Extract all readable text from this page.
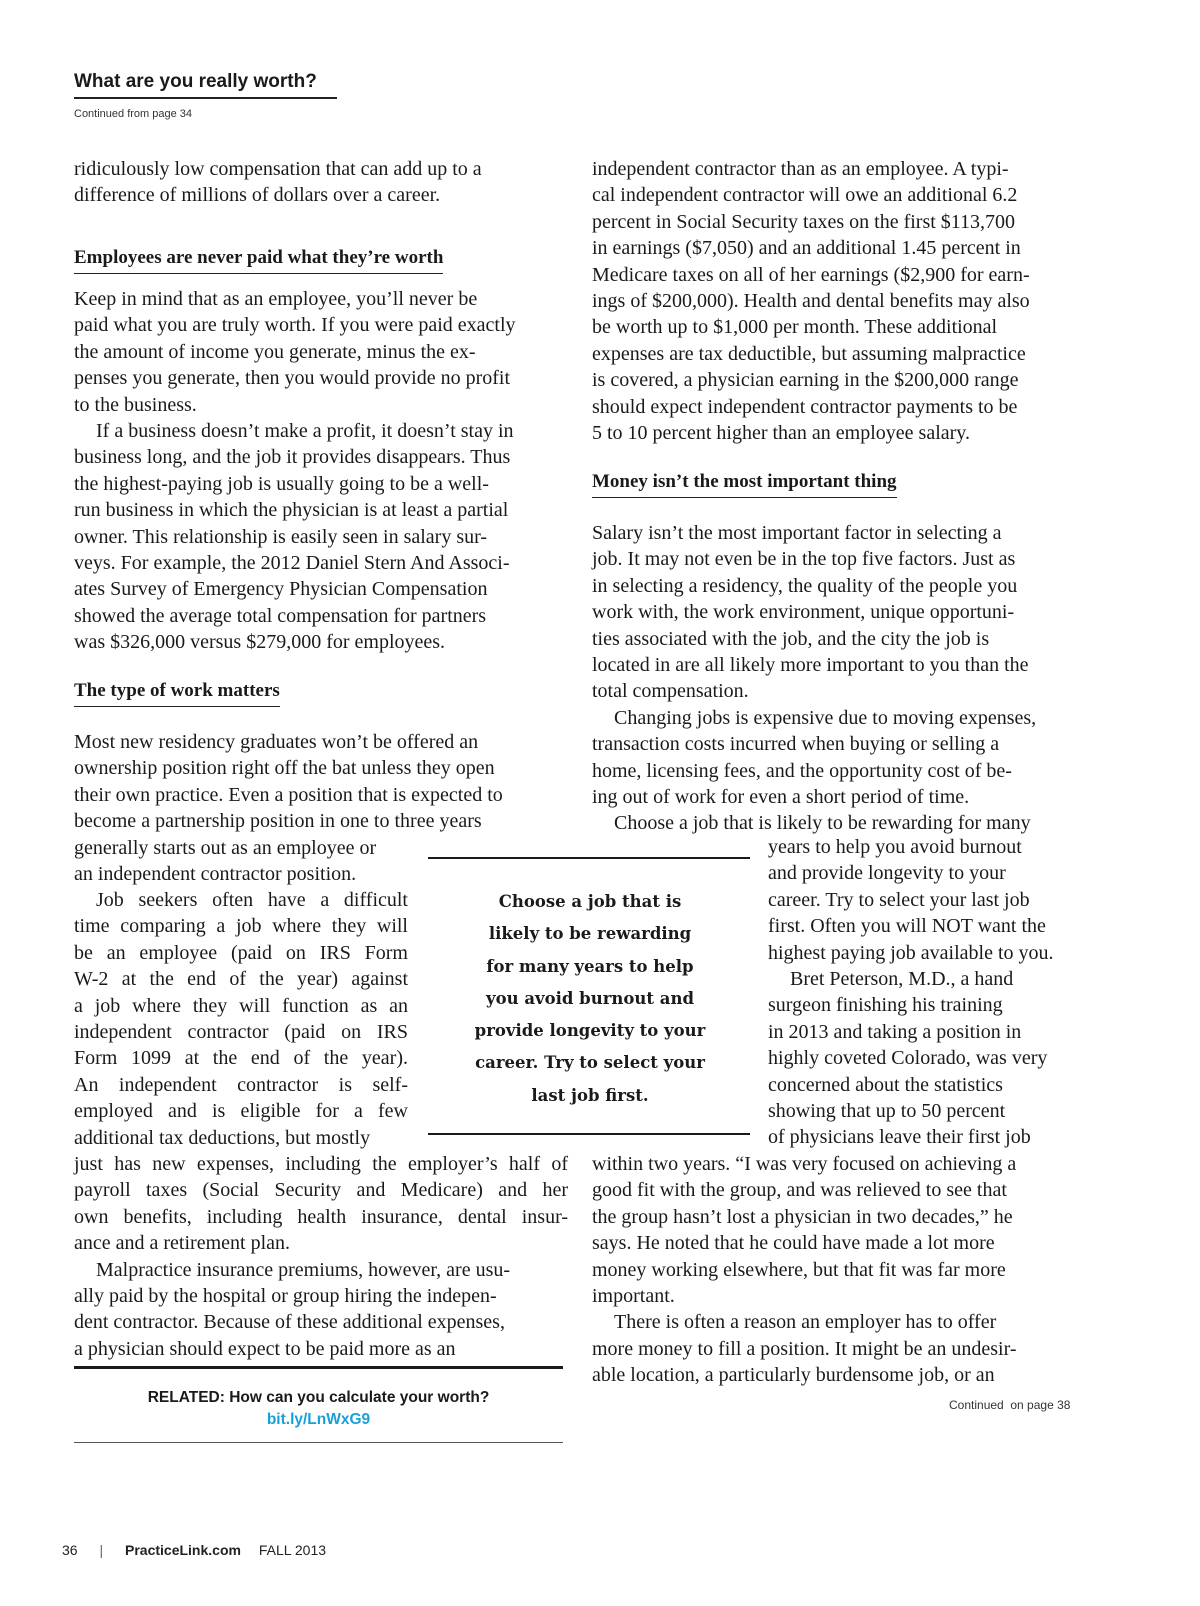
What are you really worth?
Continued from page 34
ridiculously low compensation that can add up to a
difference of millions of dollars over a career.
Employees are never paid what they’re worth
Keep in mind that as an employee, you’ll never be
paid what you are truly worth. If you were paid exactly
the amount of income you generate, minus the ex-
penses you generate, then you would provide no profit
to the business.
If a business doesn’t make a profit, it doesn’t stay in
business long, and the job it provides disappears. Thus
the highest-paying job is usually going to be a well-
run business in which the physician is at least a partial
owner. This relationship is easily seen in salary sur-
veys. For example, the 2012 Daniel Stern And Associ-
ates Survey of Emergency Physician Compensation
showed the average total compensation for partners
was $326,000 versus $279,000 for employees.
The type of work matters
Most new residency graduates won’t be offered an
ownership position right off the bat unless they open
their own practice. Even a position that is expected to
become a partnership position in one to three years
generally starts out as an employee or
an independent contractor position.
Job seekers often have a difficult
time comparing a job where they will
be an employee (paid on IRS Form
W-2 at the end of the year) against
a job where they will function as an
independent contractor (paid on IRS
Form 1099 at the end of the year).
An independent contractor is self-
employed and is eligible for a few
additional tax deductions, but mostly
just has new expenses, including the employer’s half of
payroll taxes (Social Security and Medicare) and her
own benefits, including health insurance, dental insur-
ance and a retirement plan.
Malpractice insurance premiums, however, are usu-
ally paid by the hospital or group hiring the indepen-
dent contractor. Because of these additional expenses,
a physician should expect to be paid more as an
RELATED: How can you calculate your worth?
bit.ly/LnWxG9
Choose a job that is
likely to be rewarding
for many years to help
you avoid burnout and
provide longevity to your
career. Try to select your
last job first.
independent contractor than as an employee. A typi-
cal independent contractor will owe an additional 6.2
percent in Social Security taxes on the first $113,700
in earnings ($7,050) and an additional 1.45 percent in
Medicare taxes on all of her earnings ($2,900 for earn-
ings of $200,000). Health and dental benefits may also
be worth up to $1,000 per month. These additional
expenses are tax deductible, but assuming malpractice
is covered, a physician earning in the $200,000 range
should expect independent contractor payments to be
5 to 10 percent higher than an employee salary.
Money isn’t the most important thing
Salary isn’t the most important factor in selecting a
job. It may not even be in the top five factors. Just as
in selecting a residency, the quality of the people you
work with, the work environment, unique opportuni-
ties associated with the job, and the city the job is
located in are all likely more important to you than the
total compensation.
Changing jobs is expensive due to moving expenses,
transaction costs incurred when buying or selling a
home, licensing fees, and the opportunity cost of be-
ing out of work for even a short period of time.
Choose a job that is likely to be rewarding for many
years to help you avoid burnout
and provide longevity to your
career. Try to select your last job
first. Often you will NOT want the
highest paying job available to you.
Bret Peterson, M.D., a hand
surgeon finishing his training
in 2013 and taking a position in
highly coveted Colorado, was very
concerned about the statistics
showing that up to 50 percent
of physicians leave their first job
within two years. “I was very focused on achieving a
good fit with the group, and was relieved to see that
the group hasn’t lost a physician in two decades,” he
says. He noted that he could have made a lot more
money working elsewhere, but that fit was far more
important.
There is often a reason an employer has to offer
more money to fill a position. It might be an undesir-
able location, a particularly burdensome job, or an
Continued  on page 38
36 | PracticeLink.com FALL 2013
